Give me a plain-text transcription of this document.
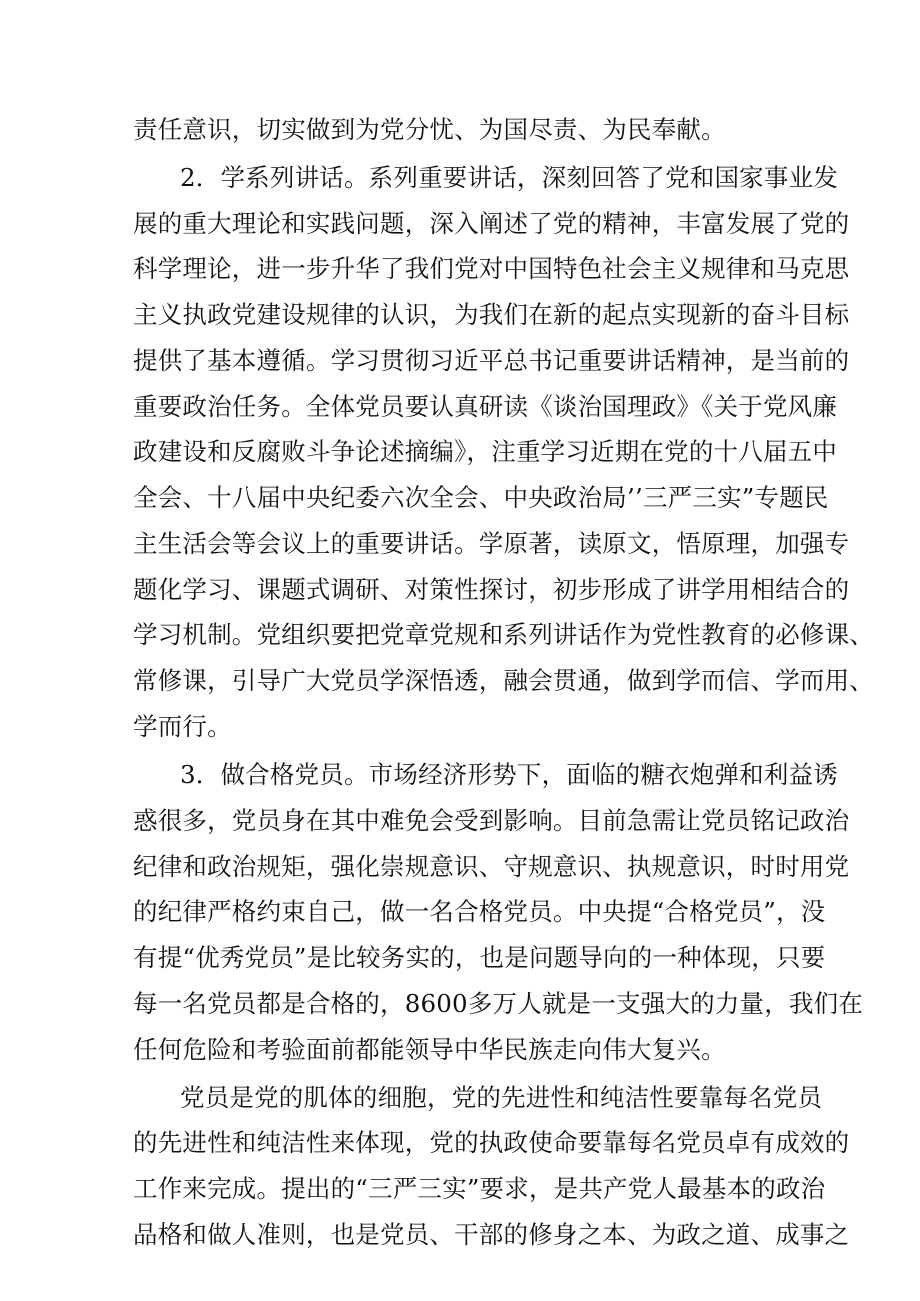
责任意识，切实做到为党分忧、为国尽责、为民奉献。
2．学系列讲话。系列重要讲话，深刻回答了党和国家事业发
展的重大理论和实践问题，深入阐述了党的精神，丰富发展了党的
科学理论，进一步升华了我们党对中国特色社会主义规律和马克思
主义执政党建设规律的认识，为我们在新的起点实现新的奋斗目标
提供了基本遵循。学习贯彻习近平总书记重要讲话精神，是当前的
重要政治任务。全体党员要认真研读《谈治国理政》《关于党风廉
政建设和反腐败斗争论述摘编》，注重学习近期在党的十八届五中
全会、十八届中央纪委六次全会、中央政治局’’三严三实”专题民
主生活会等会议上的重要讲话。学原著，读原文，悟原理，加强专
题化学习、课题式调研、对策性探讨，初步形成了讲学用相结合的
学习机制。党组织要把党章党规和系列讲话作为党性教育的必修课、
常修课，引导广大党员学深悟透，融会贯通，做到学而信、学而用、
学而行。
3．做合格党员。市场经济形势下，面临的糖衣炮弹和利益诱
惑很多，党员身在其中难免会受到影响。目前急需让党员铭记政治
纪律和政治规矩，强化崇规意识、守规意识、执规意识，时时用党
的纪律严格约束自己，做一名合格党员。中央提“合格党员”，没
有提“优秀党员”是比较务实的，也是问题导向的一种体现，只要
每一名党员都是合格的，8600多万人就是一支强大的力量，我们在
任何危险和考验面前都能领导中华民族走向伟大复兴。
党员是党的肌体的细胞，党的先进性和纯洁性要靠每名党员
的先进性和纯洁性来体现，党的执政使命要靠每名党员卓有成效的
工作来完成。提出的“三严三实”要求，是共产党人最基本的政治
品格和做人准则，也是党员、干部的修身之本、为政之道、成事之
